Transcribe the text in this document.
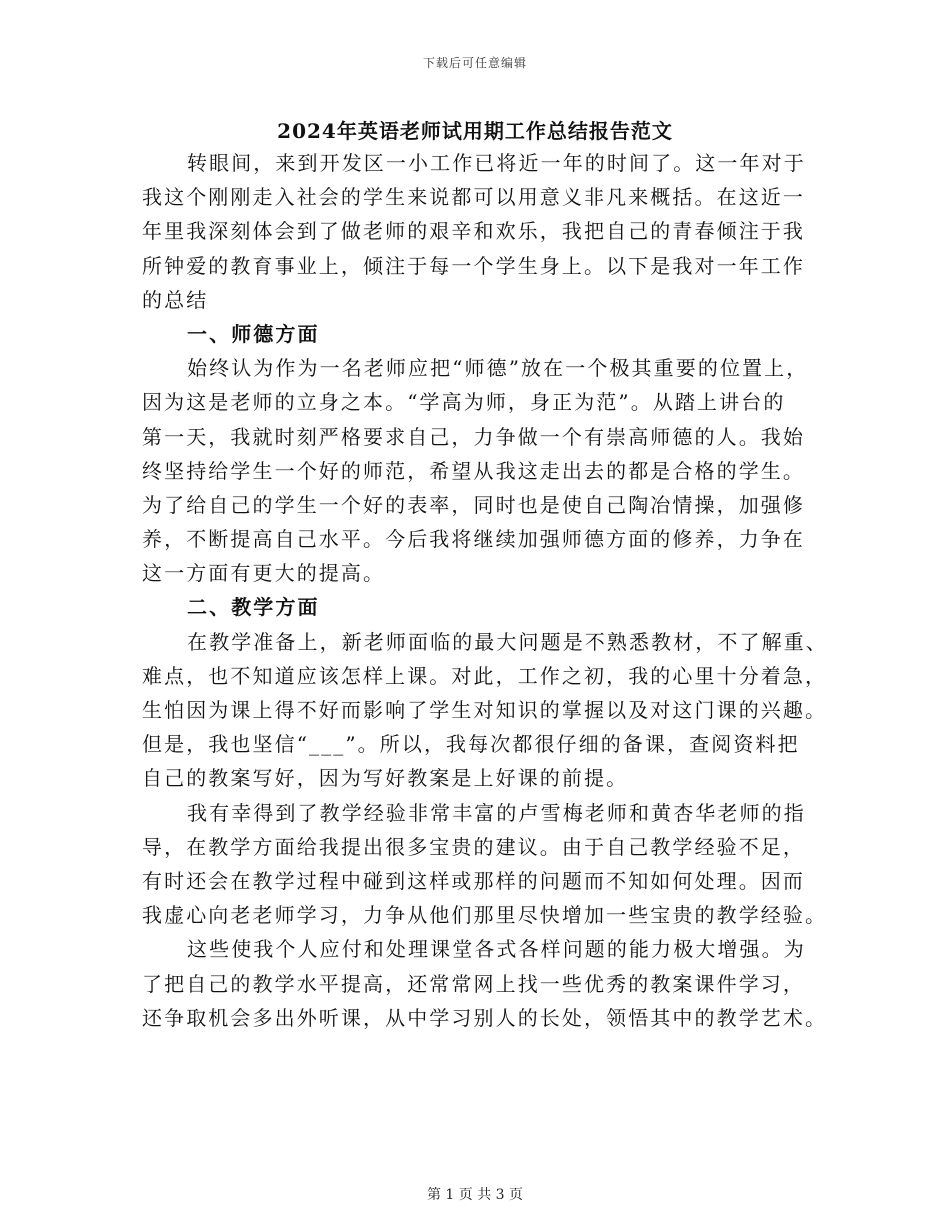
下载后可任意编辑
2024年英语老师试用期工作总结报告范文
转眼间，来到开发区一小工作已将近一年的时间了。这一年对于
我这个刚刚走入社会的学生来说都可以用意义非凡来概括。在这近一
年里我深刻体会到了做老师的艰辛和欢乐，我把自己的青春倾注于我
所钟爱的教育事业上，倾注于每一个学生身上。以下是我对一年工作
的总结
一、师德方面
始终认为作为一名老师应把“师德”放在一个极其重要的位置上，
因为这是老师的立身之本。“学高为师，身正为范”。从踏上讲台的
第一天，我就时刻严格要求自己，力争做一个有崇高师德的人。我始
终坚持给学生一个好的师范，希望从我这走出去的都是合格的学生。
为了给自己的学生一个好的表率，同时也是使自己陶冶情操，加强修
养，不断提高自己水平。今后我将继续加强师德方面的修养，力争在
这一方面有更大的提高。
二、教学方面
在教学准备上，新老师面临的最大问题是不熟悉教材，不了解重、
难点，也不知道应该怎样上课。对此，工作之初，我的心里十分着急，
生怕因为课上得不好而影响了学生对知识的掌握以及对这门课的兴趣。
但是，我也坚信“___”。所以，我每次都很仔细的备课，查阅资料把
自己的教案写好，因为写好教案是上好课的前提。
我有幸得到了教学经验非常丰富的卢雪梅老师和黄杏华老师的指
导，在教学方面给我提出很多宝贵的建议。由于自己教学经验不足，
有时还会在教学过程中碰到这样或那样的问题而不知如何处理。因而
我虚心向老老师学习，力争从他们那里尽快增加一些宝贵的教学经验。
这些使我个人应付和处理课堂各式各样问题的能力极大增强。为
了把自己的教学水平提高，还常常网上找一些优秀的教案课件学习，
还争取机会多出外听课，从中学习别人的长处，领悟其中的教学艺术。
第 1 页 共 3 页
